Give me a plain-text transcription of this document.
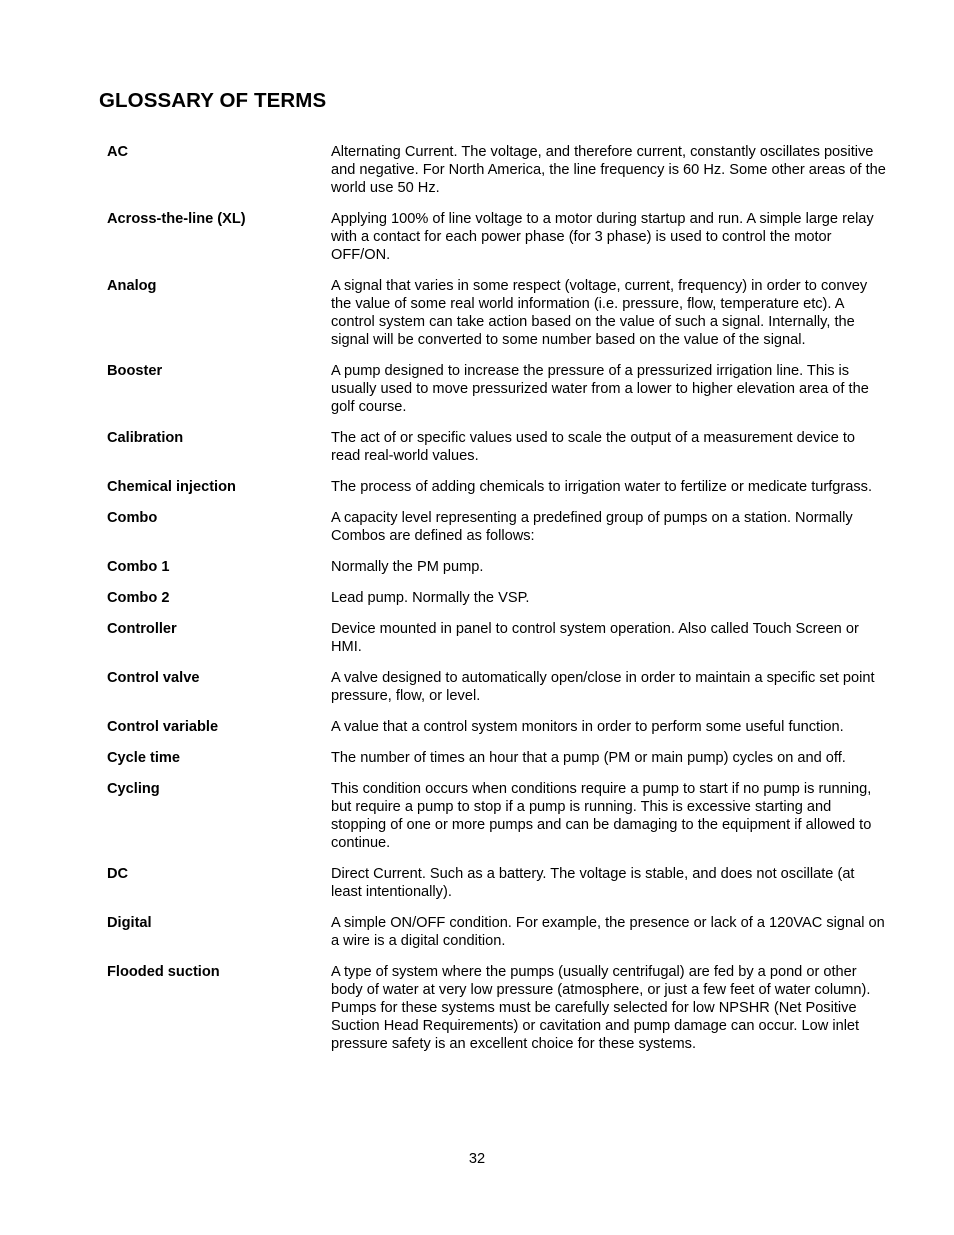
GLOSSARY OF TERMS
AC	Alternating Current. The voltage, and therefore current, constantly oscillates positive and negative. For North America, the line frequency is 60 Hz. Some other areas of the world use 50 Hz.
Across-the-line (XL)	Applying 100% of line voltage to a motor during startup and run. A simple large relay with a contact for each power phase (for 3 phase) is used to control the motor OFF/ON.
Analog	A signal that varies in some respect (voltage, current, frequency) in order to convey the value of some real world information (i.e. pressure, flow, temperature etc). A control system can take action based on the value of such a signal. Internally, the signal will be converted to some number based on the value of the signal.
Booster	A pump designed to increase the pressure of a pressurized irrigation line. This is usually used to move pressurized water from a lower to higher elevation area of the golf course.
Calibration	The act of or specific values used to scale the output of a measurement device to read real-world values.
Chemical injection	The process of adding chemicals to irrigation water to fertilize or medicate turfgrass.
Combo	A capacity level representing a predefined group of pumps on a station. Normally Combos are defined as follows:
Combo 1	Normally the PM pump.
Combo 2	Lead pump. Normally the VSP.
Controller	Device mounted in panel to control system operation. Also called Touch Screen or HMI.
Control valve	A valve designed to automatically open/close in order to maintain a specific set point pressure, flow, or level.
Control variable	A value that a control system monitors in order to perform some useful function.
Cycle time	The number of times an hour that a pump (PM or main pump) cycles on and off.
Cycling	This condition occurs when conditions require a pump to start if no pump is running, but require a pump to stop if a pump is running. This is excessive starting and stopping of one or more pumps and can be damaging to the equipment if allowed to continue.
DC	Direct Current. Such as a battery. The voltage is stable, and does not oscillate (at least intentionally).
Digital	A simple ON/OFF condition. For example, the presence or lack of a 120VAC signal on a wire is a digital condition.
Flooded suction	A type of system where the pumps (usually centrifugal) are fed by a pond or other body of water at very low pressure (atmosphere, or just a few feet of water column). Pumps for these systems must be carefully selected for low NPSHR (Net Positive Suction Head Requirements) or cavitation and pump damage can occur. Low inlet pressure safety is an excellent choice for these systems.
32
